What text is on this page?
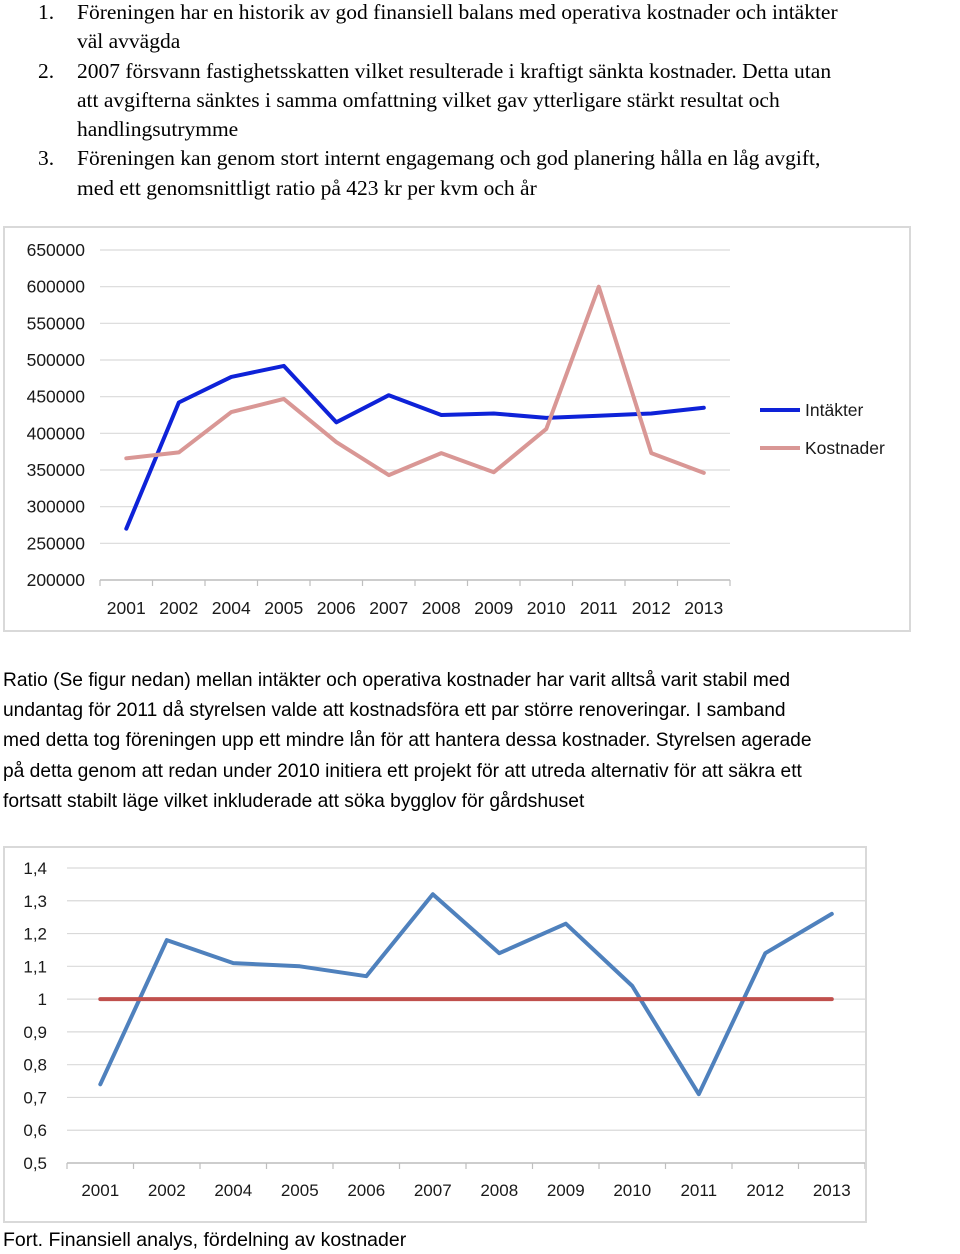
1. Föreningen har en historik av god finansiell balans med operativa kostnader och intäkter
väl avvägda
2. 2007 försvann fastighetsskatten vilket resulterade i kraftigt sänkta kostnader. Detta utan
att avgifterna sänktes i samma omfattning vilket gav ytterligare stärkt resultat och
handlingsutrymme
3. Föreningen kan genom stort internt engagemang och god planering hålla en låg avgift,
med ett genomsnittligt ratio på 423 kr per kvm och år
200000
250000
300000
350000
400000
450000
500000
550000
600000
650000
2001 2002 2004 2005 2006 2007 2008 2009 2010 2011 2012 2013
Intäkter
Kostnader
Ratio (Se figur nedan) mellan intäkter och operativa kostnader har varit alltså varit stabil med
undantag för 2011 då styrelsen valde att kostnadsföra ett par större renoveringar. I samband
med detta tog föreningen upp ett mindre lån för att hantera dessa kostnader. Styrelsen agerade
på detta genom att redan under 2010 initiera ett projekt för att utreda alternativ för att säkra ett
fortsatt stabilt läge vilket inkluderade att söka bygglov för gårdshuset
0,5
0,6
0,7
0,8
0,9
1
1,1
1,2
1,3
1,4
2001 2002 2004 2005 2006 2007 2008 2009 2010 2011 2012 2013

Fort. Finansiell analys, fördelning av kostnader
